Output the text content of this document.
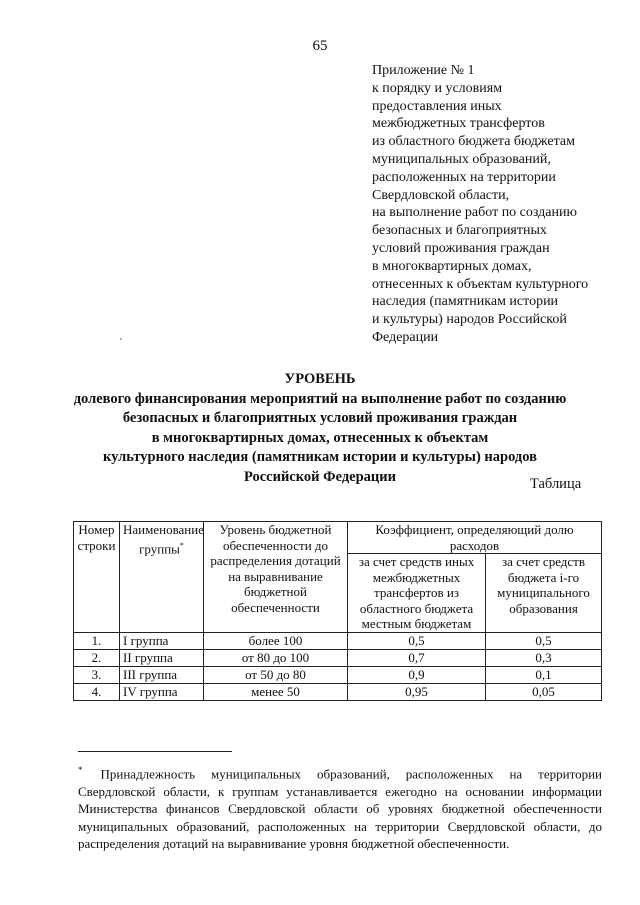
65
Приложение № 1
к порядку и условиям
предоставления иных
межбюджетных трансфертов
из областного бюджета бюджетам
муниципальных образований,
расположенных на территории
Свердловской области,
на выполнение работ по созданию
безопасных и благоприятных
условий проживания граждан
в многоквартирных домах,
отнесенных к объектам культурного
наследия (памятникам истории
и культуры) народов Российской
Федерации
УРОВЕНЬ
долевого финансирования мероприятий на выполнение работ по созданию
безопасных и благоприятных условий проживания граждан
в многоквартирных домах, отнесенных к объектам
культурного наследия (памятникам истории и культуры) народов
Российской Федерации	Таблица
Номер строки	Наименование группы*	Уровень бюджетной обеспеченности до распределения дотаций на выравнивание бюджетной обеспеченности	Коэффициент, определяющий долю расходов	
			за счет средств иных межбюджетных трансфертов из областного бюджета местным бюджетам	за счет средств бюджета i-го муниципального образования
1.	I группа	более 100	0,5	0,5
2.	II группа	от 80 до 100	0,7	0,3
3.	III группа	от 50 до 80	0,9	0,1
4.	IV группа	менее 50	0,95	0,05
* Принадлежность муниципальных образований, расположенных на территории Свердловской области, к группам устанавливается ежегодно на основании информации Министерства финансов Свердловской области об уровнях бюджетной обеспеченности муниципальных образований, расположенных на территории Свердловской области, до распределения дотаций на выравнивание уровня бюджетной обеспеченности.
